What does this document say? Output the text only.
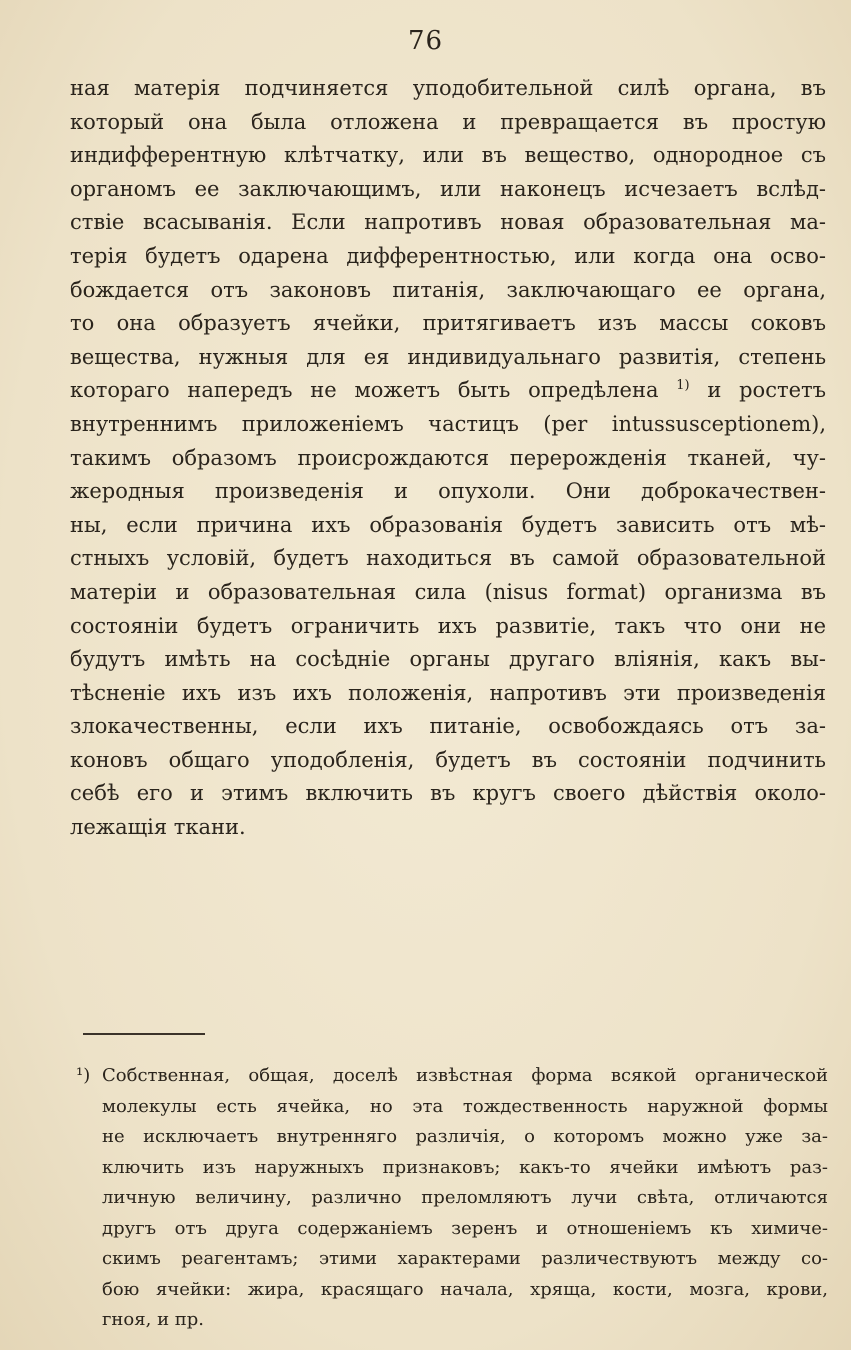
76
ная матерія подчиняется уподобительной силѣ органа, въ
который она была отложена и превращается въ простую
индифферентную клѣтчатку, или въ вещество, однородное съ
органомъ ее заключающимъ, или наконецъ исчезаетъ вслѣд-
ствіе всасыванія. Если напротивъ новая образовательная ма-
терія будетъ одарена дифферентностью, или когда она осво-
бождается отъ законовъ питанія, заключающаго ее органа,
то она образуетъ ячейки, притягиваетъ изъ массы соковъ
вещества, нужныя для ея индивидуальнаго развитія, степень
котораго напередъ не можетъ быть опредѣлена $^{1)}$ и ростетъ
внутреннимъ приложеніемъ частицъ (per intussusceptionem),
такимъ образомъ происрождаются перерожденія тканей, чу-
жеродныя произведенія и опухоли. Они доброкачествен-
ны, если причина ихъ образованія будетъ зависить отъ мѣ-
стныхъ условій, будетъ находиться въ самой образовательной
матеріи и образовательная сила (nisus format) организма въ
состояніи будетъ ограничить ихъ развитіе, такъ что они не
будутъ имѣть на сосѣдніе органы другаго вліянія, какъ вы-
тѣсненіе ихъ изъ ихъ положенія, напротивъ эти произведенія
злокачественны, если ихъ питаніе, освобождаясь отъ за-
коновъ общаго уподобленія, будетъ въ состояніи подчинить
себѣ его и этимъ включить въ кругъ своего дѣйствія около-
лежащія ткани.
¹) Собственная, общая, доселѣ извѣстная форма всякой органической
молекулы есть ячейка, но эта тождественность наружной формы
не исключаетъ внутренняго различія, о которомъ можно уже за-
ключить изъ наружныхъ признаковъ; какъ-то ячейки имѣютъ раз-
личную величину, различно преломляютъ лучи свѣта, отличаются
другъ отъ друга содержаніемъ зеренъ и отношеніемъ къ химиче-
скимъ реагентамъ; этими характерами различествуютъ между со-
бою ячейки: жира, красящаго начала, хряща, кости, мозга, крови,
гноя, и пр.
